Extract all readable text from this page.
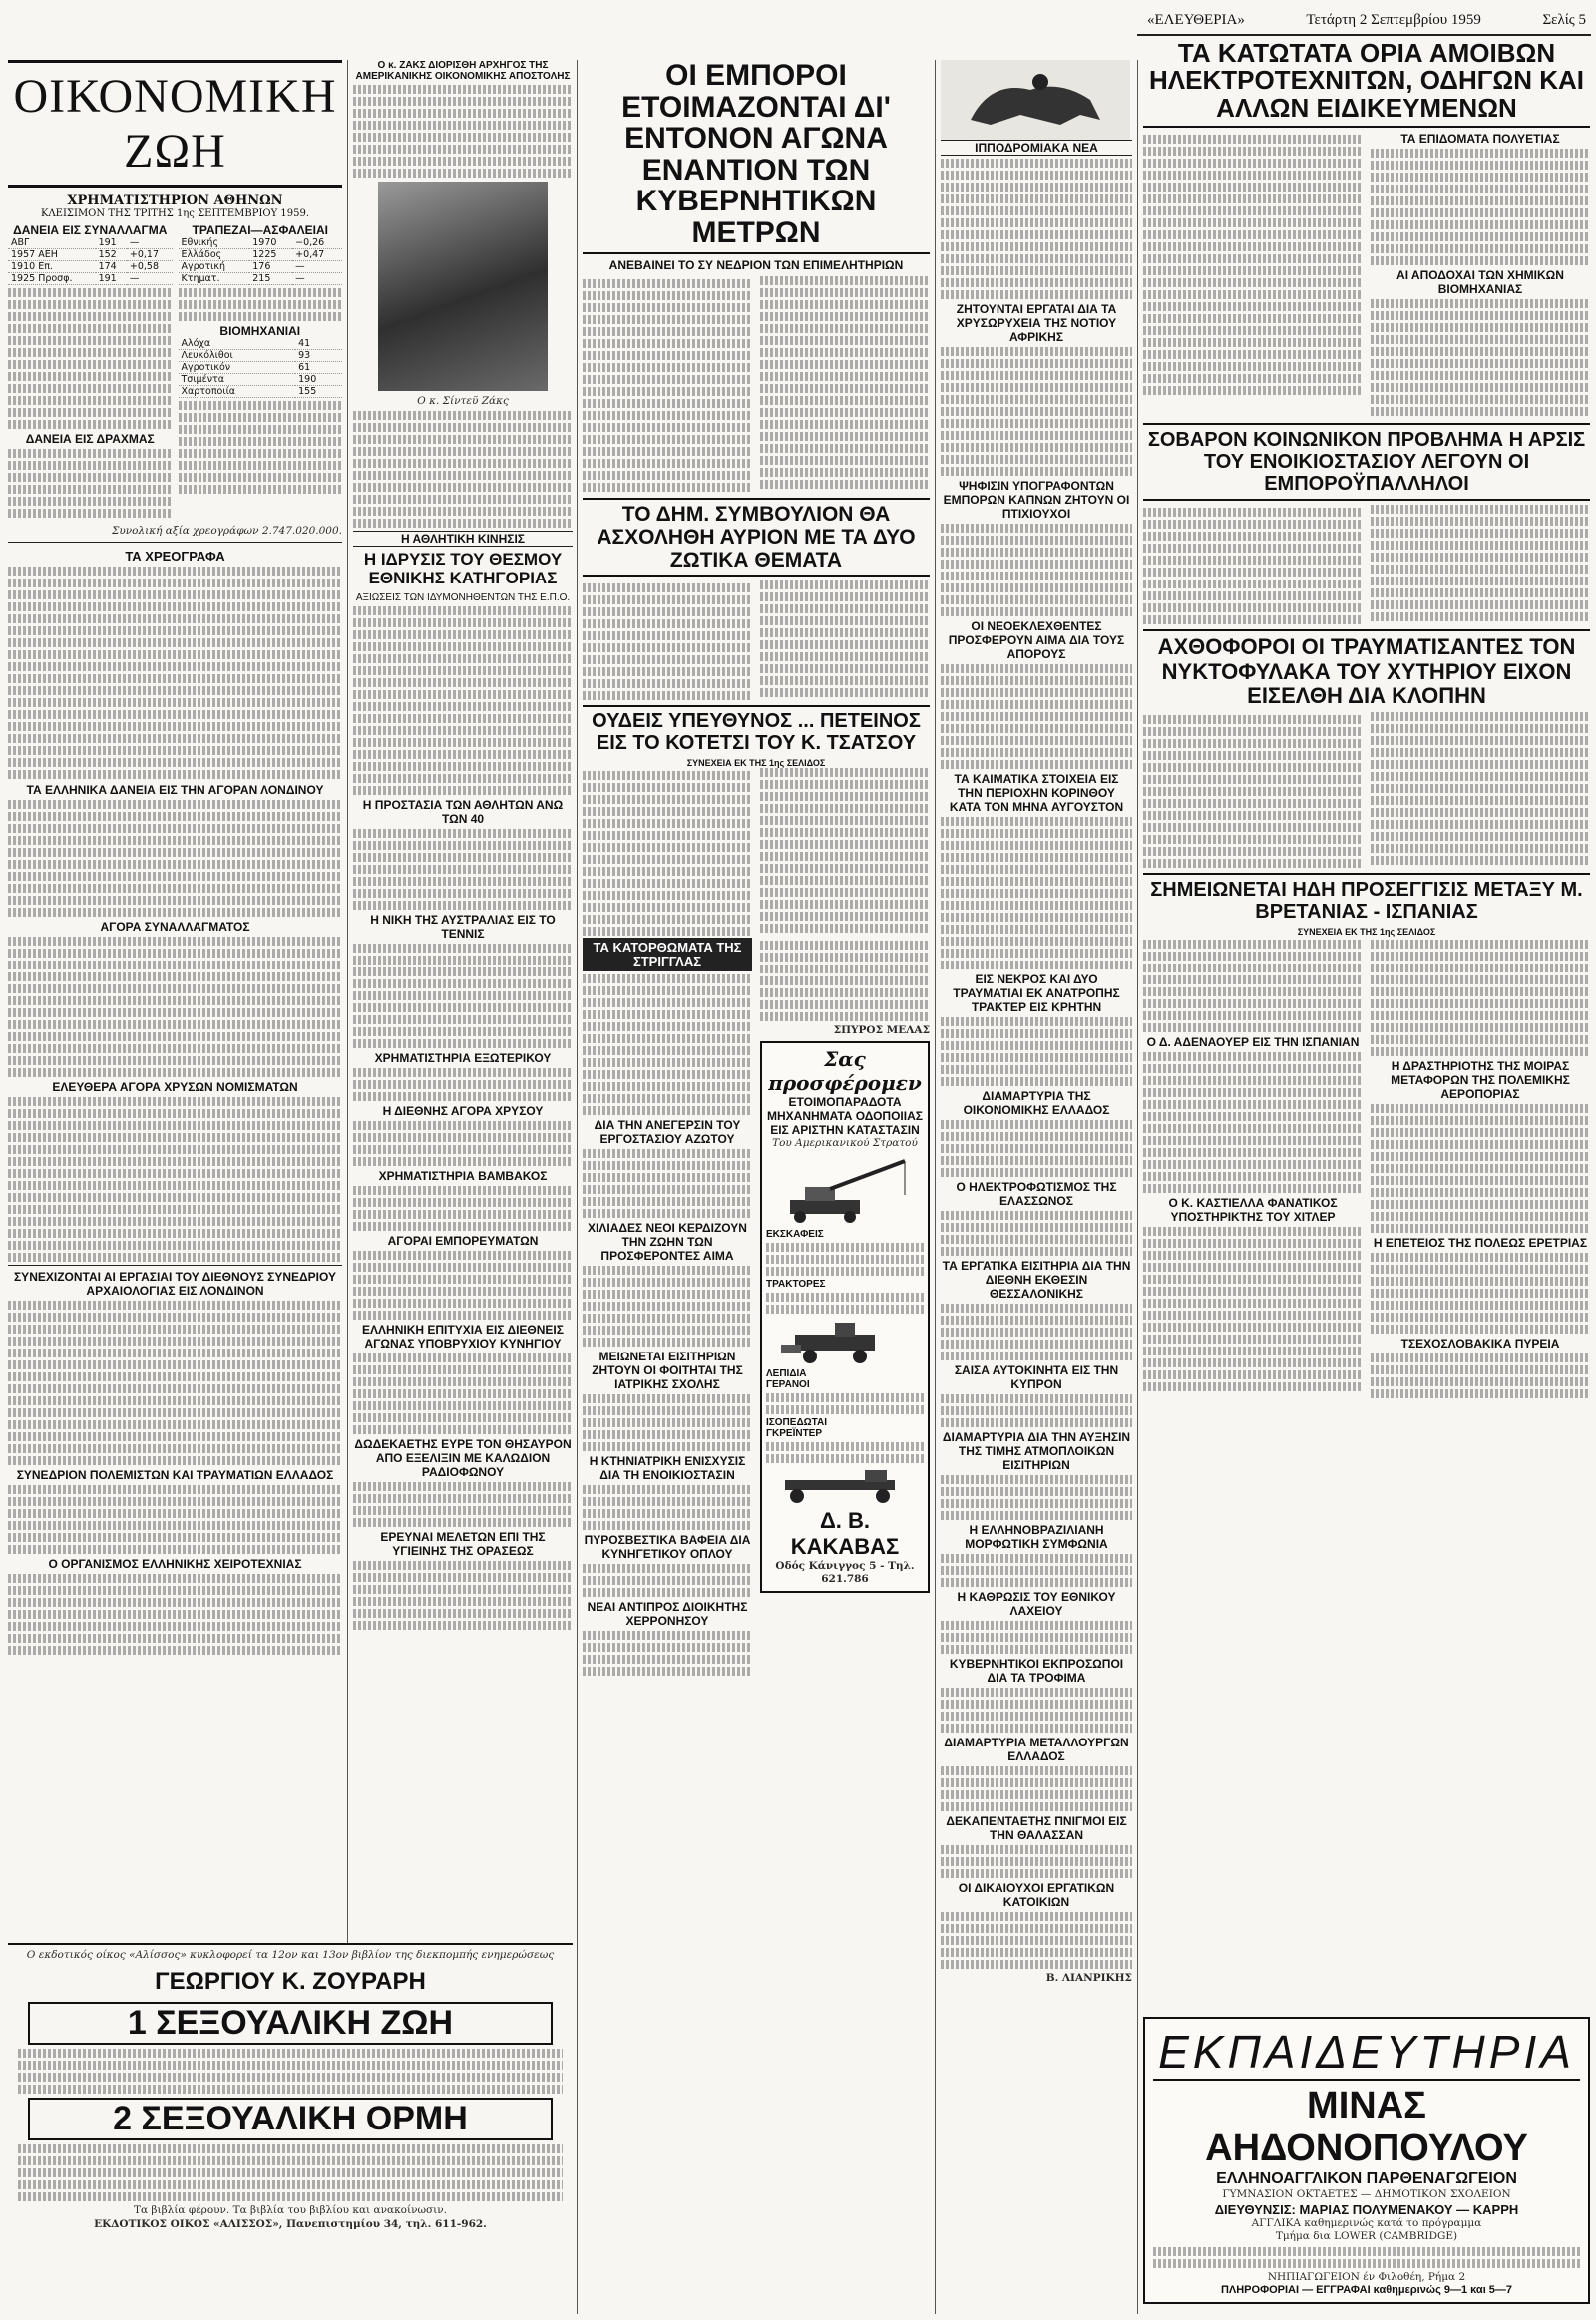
«ΕΛΕΥΘΕΡΙΑ»	Τετάρτη 2 Σεπτεμβρίου 1959	Σελίς 5
ΟΙΚΟΝΟΜΙΚΗ ΖΩΗ
ΧΡΗΜΑΤΙΣΤΗΡΙΟΝ ΑΘΗΝΩΝ
ΚΛΕΙΣΙΜΟΝ ΤΗΣ ΤΡΙΤΗΣ 1ης ΣΕΠΤΕΜΒΡΙΟΥ 1959.
ΔΑΝΕΙΑ ΕΙΣ ΣΥΝΑΛΛΑΓΜΑ
ΑΒΓ	191	—
1957 ΑΕΗ	152	+0,17
1910 Επ.	174	+0,58
1925 Προσφ.	191	—
ΔΑΝΕΙΑ ΕΙΣ ΔΡΑΧΜΑΣ
ΤΡΑΠΕΖΑΙ—ΑΣΦΑΛΕΙΑΙ
Εθνικής	1970	−0,26
Ελλάδος	1225	+0,47
Αγροτική	176	—
Κτηματ.	215	—
ΒΙΟΜΗΧΑΝΙΑΙ
Αλόχα	41
Λευκόλιθοι	93
Αγροτικόν	61
Τσιμέντα	190
Χαρτοποιία	155
Συνολική αξία χρεογράφων 2.747.020.000.
ΤΑ ΧΡΕΟΓΡΑΦΑ
ΤΑ ΕΛΛΗΝΙΚΑ ΔΑΝΕΙΑ ΕΙΣ ΤΗΝ ΑΓΟΡΑΝ ΛΟΝΔΙΝΟΥ
ΑΓΟΡΑ ΣΥΝΑΛΛΑΓΜΑΤΟΣ
ΕΛΕΥΘΕΡΑ ΑΓΟΡΑ ΧΡΥΣΩΝ ΝΟΜΙΣΜΑΤΩΝ
ΣΥΝΕΧΙΖΟΝΤΑΙ ΑΙ ΕΡΓΑΣΙΑΙ ΤΟΥ ΔΙΕΘΝΟΥΣ ΣΥΝΕΔΡΙΟΥ ΑΡΧΑΙΟΛΟΓΙΑΣ ΕΙΣ ΛΟΝΔΙΝΟΝ
ΣΥΝΕΔΡΙΟΝ ΠΟΛΕΜΙΣΤΩΝ ΚΑΙ ΤΡΑΥΜΑΤΙΩΝ ΕΛΛΑΔΟΣ
Ο ΟΡΓΑΝΙΣΜΟΣ ΕΛΛΗΝΙΚΗΣ ΧΕΙΡΟΤΕΧΝΙΑΣ
Ο κ. ΖΑΚΣ ΔΙΟΡΙΣΘΗ ΑΡΧΗΓΟΣ ΤΗΣ ΑΜΕΡΙΚΑΝΙΚΗΣ ΟΙΚΟΝΟΜΙΚΗΣ ΑΠΟΣΤΟΛΗΣ
Ο κ. Σίντεϋ Ζάκς
Η ΑΘΛΗΤΙΚΗ ΚΙΝΗΣΙΣ
Η ΙΔΡΥΣΙΣ ΤΟΥ ΘΕΣΜΟΥ ΕΘΝΙΚΗΣ ΚΑΤΗΓΟΡΙΑΣ
ΑΞΙΩΣΕΙΣ ΤΩΝ ΙΔΥΜΟΝΗΘΕΝΤΩΝ ΤΗΣ Ε.Π.Ο.
Η ΠΡΟΣΤΑΣΙΑ ΤΩΝ ΑΘΛΗΤΩΝ ΑΝΩ ΤΩΝ 40
Η ΝΙΚΗ ΤΗΣ ΑΥΣΤΡΑΛΙΑΣ ΕΙΣ ΤΟ ΤΕΝΝΙΣ
ΧΡΗΜΑΤΙΣΤΗΡΙΑ ΕΞΩΤΕΡΙΚΟΥ
Η ΔΙΕΘΝΗΣ ΑΓΟΡΑ ΧΡΥΣΟΥ
ΧΡΗΜΑΤΙΣΤΗΡΙΑ ΒΑΜΒΑΚΟΣ
ΑΓΟΡΑΙ ΕΜΠΟΡΕΥΜΑΤΩΝ
ΕΛΛΗΝΙΚΗ ΕΠΙΤΥΧΙΑ ΕΙΣ ΔΙΕΘΝΕΙΣ ΑΓΩΝΑΣ ΥΠΟΒΡΥΧΙΟΥ ΚΥΝΗΓΙΟΥ
ΔΩΔΕΚΑΕΤΗΣ ΕΥΡΕ ΤΟΝ ΘΗΣΑΥΡΟΝ ΑΠΟ ΕΞΕΛΙΞΙΝ ΜΕ ΚΑΛΩΔΙΟΝ ΡΑΔΙΟΦΩΝΟΥ
ΕΡΕΥΝΑΙ ΜΕΛΕΤΩΝ ΕΠΙ ΤΗΣ ΥΓΙΕΙΝΗΣ ΤΗΣ ΟΡΑΣΕΩΣ
Ο εκδοτικός οίκος «Αλίσσος» κυκλοφορεί τα 12ον και 13ον βιβλίον της διεκπομπής ενημερώσεως
ΓΕΩΡΓΙΟΥ Κ. ΖΟΥΡΑΡΗ
1 ΣΕΞΟΥΑΛΙΚΗ ΖΩΗ
2 ΣΕΞΟΥΑΛΙΚΗ ΟΡΜΗ
Τα βιβλία φέρουν. Τα βιβλία του βιβλίου και ανακοίνωσιν.
ΕΚΔΟΤΙΚΟΣ ΟΙΚΟΣ «ΑΛΙΣΣΟΣ», Πανεπιστημίου 34, τηλ. 611-962.
ΟΙ ΕΜΠΟΡΟΙ ΕΤΟΙΜΑΖΟΝΤΑΙ ΔΙ' ΕΝΤΟΝΟΝ ΑΓΩΝΑ ΕΝΑΝΤΙΟΝ ΤΩΝ ΚΥΒΕΡΝΗΤΙΚΩΝ ΜΕΤΡΩΝ
ΑΝΕΒΑΙΝΕΙ ΤΟ ΣΥ ΝΕΔΡΙΟΝ ΤΩΝ ΕΠΙΜΕΛΗΤΗΡΙΩΝ
ΤΟ ΔΗΜ. ΣΥΜΒΟΥΛΙΟΝ ΘΑ ΑΣΧΟΛΗΘΗ ΑΥΡΙΟΝ ΜΕ ΤΑ ΔΥΟ ΖΩΤΙΚΑ ΘΕΜΑΤΑ
ΟΥΔΕΙΣ ΥΠΕΥΘΥΝΟΣ ... ΠΕΤΕΙΝΟΣ ΕΙΣ ΤΟ ΚΟΤΕΤΣΙ ΤΟΥ Κ. ΤΣΑΤΣΟΥ
ΣΥΝΕΧΕΙΑ ΕΚ ΤΗΣ 1ης ΣΕΛΙΔΟΣ
ΤΑ ΚΑΤΟΡΘΩΜΑΤΑ ΤΗΣ ΣΤΡΙΓΓΛΑΣ
ΔΙΑ ΤΗΝ ΑΝΕΓΕΡΣΙΝ ΤΟΥ ΕΡΓΟΣΤΑΣΙΟΥ ΑΖΩΤΟΥ
ΧΙΛΙΑΔΕΣ ΝΕΟΙ ΚΕΡΔΙΖΟΥΝ ΤΗΝ ΖΩΗΝ ΤΩΝ ΠΡΟΣΦΕΡΟΝΤΕΣ ΑΙΜΑ
ΜΕΙΩΝΕΤΑΙ ΕΙΣΙΤΗΡΙΩΝ ΖΗΤΟΥΝ ΟΙ ΦΟΙΤΗΤΑΙ ΤΗΣ ΙΑΤΡΙΚΗΣ ΣΧΟΛΗΣ
Η ΚΤΗΝΙΑΤΡΙΚΗ ΕΝΙΣΧΥΣΙΣ ΔΙΑ ΤΗ ΕΝΟΙΚΙΟΣΤΑΣΙΝ
ΠΥΡΟΣΒΕΣΤΙΚΑ ΒΑΦΕΙΑ ΔΙΑ ΚΥΝΗΓΕΤΙΚΟΥ ΟΠΛΟΥ
ΝΕΑΙ ΑΝΤΙΠΡΟΣ ΔΙΟΙΚΗΤΗΣ ΧΕΡΡΟΝΗΣΟΥ
ΣΠΥΡΟΣ ΜΕΛΑΣ
Σας προσφέρομεν
ΕΤΟΙΜΟΠΑΡΑΔΟΤΑ ΜΗΧΑΝΗΜΑΤΑ ΟΔΟΠΟΙΙΑΣ ΕΙΣ ΑΡΙΣΤΗΝ ΚΑΤΑΣΤΑΣΙΝ
Του Αμερικανικού Στρατού
ΕΚΣΚΑΦΕΙΣ
ΤΡΑΚΤΟΡΕΣ
ΛΕΠΙΔΙΑ
ΓΕΡΑΝΟΙ
ΙΣΟΠΕΔΩΤΑΙ
ΓΚΡΕΪΝΤΕΡ
Δ. Β. ΚΑΚΑΒΑΣ
Οδός Κάνιγγος 5 - Τηλ. 621.786
ΙΠΠΟΔΡΟΜΙΑΚΑ ΝΕΑ
ΖΗΤΟΥΝΤΑΙ ΕΡΓΑΤΑΙ ΔΙΑ ΤΑ ΧΡΥΣΩΡΥΧΕΙΑ ΤΗΣ ΝΟΤΙΟΥ ΑΦΡΙΚΗΣ
ΨΗΦΙΣΙΝ ΥΠΟΓΡΑΦΟΝΤΩΝ ΕΜΠΟΡΩΝ ΚΑΠΝΩΝ ΖΗΤΟΥΝ ΟΙ ΠΤΙΧΙΟΥΧΟΙ
ΟΙ ΝΕΟΕΚΛΕΧΘΕΝΤΕΣ ΠΡΟΣΦΕΡΟΥΝ ΑΙΜΑ ΔΙΑ ΤΟΥΣ ΑΠΟΡΟΥΣ
ΤΑ ΚΑΙΜΑΤΙΚΑ ΣΤΟΙΧΕΙΑ ΕΙΣ ΤΗΝ ΠΕΡΙΟΧΗΝ ΚΟΡΙΝΘΟΥ ΚΑΤΑ ΤΟΝ ΜΗΝΑ ΑΥΓΟΥΣΤΟΝ
ΕΙΣ ΝΕΚΡΟΣ ΚΑΙ ΔΥΟ ΤΡΑΥΜΑΤΙΑΙ ΕΚ ΑΝΑΤΡΟΠΗΣ ΤΡΑΚΤΕΡ ΕΙΣ ΚΡΗΤΗΝ
ΔΙΑΜΑΡΤΥΡΙΑ ΤΗΣ ΟΙΚΟΝΟΜΙΚΗΣ ΕΛΛΑΔΟΣ
Ο ΗΛΕΚΤΡΟΦΩΤΙΣΜΟΣ ΤΗΣ ΕΛΑΣΣΩΝΟΣ
ΤΑ ΕΡΓΑΤΙΚΑ ΕΙΣΙΤΗΡΙΑ ΔΙΑ ΤΗΝ ΔΙΕΘΝΗ ΕΚΘΕΣΙΝ ΘΕΣΣΑΛΟΝΙΚΗΣ
ΣΑΙΣΑ ΑΥΤΟΚΙΝΗΤΑ ΕΙΣ ΤΗΝ ΚΥΠΡΟΝ
ΔΙΑΜΑΡΤΥΡΙΑ ΔΙΑ ΤΗΝ ΑΥΞΗΣΙΝ ΤΗΣ ΤΙΜΗΣ ΑΤΜΟΠΛΟΙΚΩΝ ΕΙΣΙΤΗΡΙΩΝ
Η ΕΛΛΗΝΟΒΡΑΖΙΛΙΑΝΗ ΜΟΡΦΩΤΙΚΗ ΣΥΜΦΩΝΙΑ
Η ΚΑΘΡΩΣΙΣ ΤΟΥ ΕΘΝΙΚΟΥ ΛΑΧΕΙΟΥ
ΚΥΒΕΡΝΗΤΙΚΟΙ ΕΚΠΡΟΣΩΠΟΙ ΔΙΑ ΤΑ ΤΡΟΦΙΜΑ
ΔΙΑΜΑΡΤΥΡΙΑ ΜΕΤΑΛΛΟΥΡΓΩΝ ΕΛΛΑΔΟΣ
ΔΕΚΑΠΕΝΤΑΕΤΗΣ ΠΝΙΓΜΟΙ ΕΙΣ ΤΗΝ ΘΑΛΑΣΣΑΝ
ΟΙ ΔΙΚΑΙΟΥΧΟΙ ΕΡΓΑΤΙΚΩΝ ΚΑΤΟΙΚΙΩΝ
Β. ΛΙΑΝΡΙΚΗΣ
ΤΑ ΚΑΤΩΤΑΤΑ ΟΡΙΑ ΑΜΟΙΒΩΝ ΗΛΕΚΤΡΟΤΕΧΝΙΤΩΝ, ΟΔΗΓΩΝ ΚΑΙ ΑΛΛΩΝ ΕΙΔΙΚΕΥΜΕΝΩΝ
ΤΑ ΕΠΙΔΟΜΑΤΑ ΠΟΛΥΕΤΙΑΣ
ΑΙ ΑΠΟΔΟΧΑΙ ΤΩΝ ΧΗΜΙΚΩΝ ΒΙΟΜΗΧΑΝΙΑΣ
ΣΟΒΑΡΟΝ ΚΟΙΝΩΝΙΚΟΝ ΠΡΟΒΛΗΜΑ Η ΑΡΣΙΣ ΤΟΥ ΕΝΟΙΚΙΟΣΤΑΣΙΟΥ ΛΕΓΟΥΝ ΟΙ ΕΜΠΟΡΟΫΠΑΛΛΗΛΟΙ
ΑΧΘΟΦΟΡΟΙ ΟΙ ΤΡΑΥΜΑΤΙΣΑΝΤΕΣ ΤΟΝ ΝΥΚΤΟΦΥΛΑΚΑ ΤΟΥ ΧΥΤΗΡΙΟΥ ΕΙΧΟΝ ΕΙΣΕΛΘΗ ΔΙΑ ΚΛΟΠΗΝ
ΣΗΜΕΙΩΝΕΤΑΙ ΗΔΗ ΠΡΟΣΕΓΓΙΣΙΣ ΜΕΤΑΞΥ Μ. ΒΡΕΤΑΝΙΑΣ - ΙΣΠΑΝΙΑΣ
ΣΥΝΕΧΕΙΑ ΕΚ ΤΗΣ 1ης ΣΕΛΙΔΟΣ
Ο Δ. ΑΔΕΝΑΟΥΕΡ ΕΙΣ ΤΗΝ ΙΣΠΑΝΙΑΝ
Ο Κ. ΚΑΣΤΙΕΛΛΑ ΦΑΝΑΤΙΚΟΣ ΥΠΟΣΤΗΡΙΚΤΗΣ ΤΟΥ ΧΙΤΛΕΡ
Η ΔΡΑΣΤΗΡΙΟΤΗΣ ΤΗΣ ΜΟΙΡΑΣ ΜΕΤΑΦΟΡΩΝ ΤΗΣ ΠΟΛΕΜΙΚΗΣ ΑΕΡΟΠΟΡΙΑΣ
Η ΕΠΕΤΕΙΟΣ ΤΗΣ ΠΟΛΕΩΣ ΕΡΕΤΡΙΑΣ
ΤΣΕΧΟΣΛΟΒΑΚΙΚΑ ΠΥΡΕΙΑ
ΕΚΠΑΙΔΕΥΤΗΡΙΑ
ΜΙΝΑΣ ΑΗΔΟΝΟΠΟΥΛΟΥ
ΕΛΛΗΝΟΑΓΓΛΙΚΟΝ ΠΑΡΘΕΝΑΓΩΓΕΙΟΝ
ΓΥΜΝΑΣΙΟΝ ΟΚΤΑΕΤΕΣ — ΔΗΜΟΤΙΚΟΝ ΣΧΟΛΕΙΟΝ
ΔΙΕΥΘΥΝΣΙΣ: ΜΑΡΙΑΣ ΠΟΛΥΜΕΝΑΚΟΥ — ΚΑΡΡΗ
ΑΓΓΛΙΚΑ καθημερινώς κατά το πρόγραμμα
Τμήμα δια LOWER (CAMBRIDGE)
ΝΗΠΙΑΓΩΓΕΙΟΝ έν Φιλοθέη, Ρήμα 2
ΠΛΗΡΟΦΟΡΙΑΙ — ΕΓΓΡΑΦΑΙ καθημερινώς 9—1 και 5—7
